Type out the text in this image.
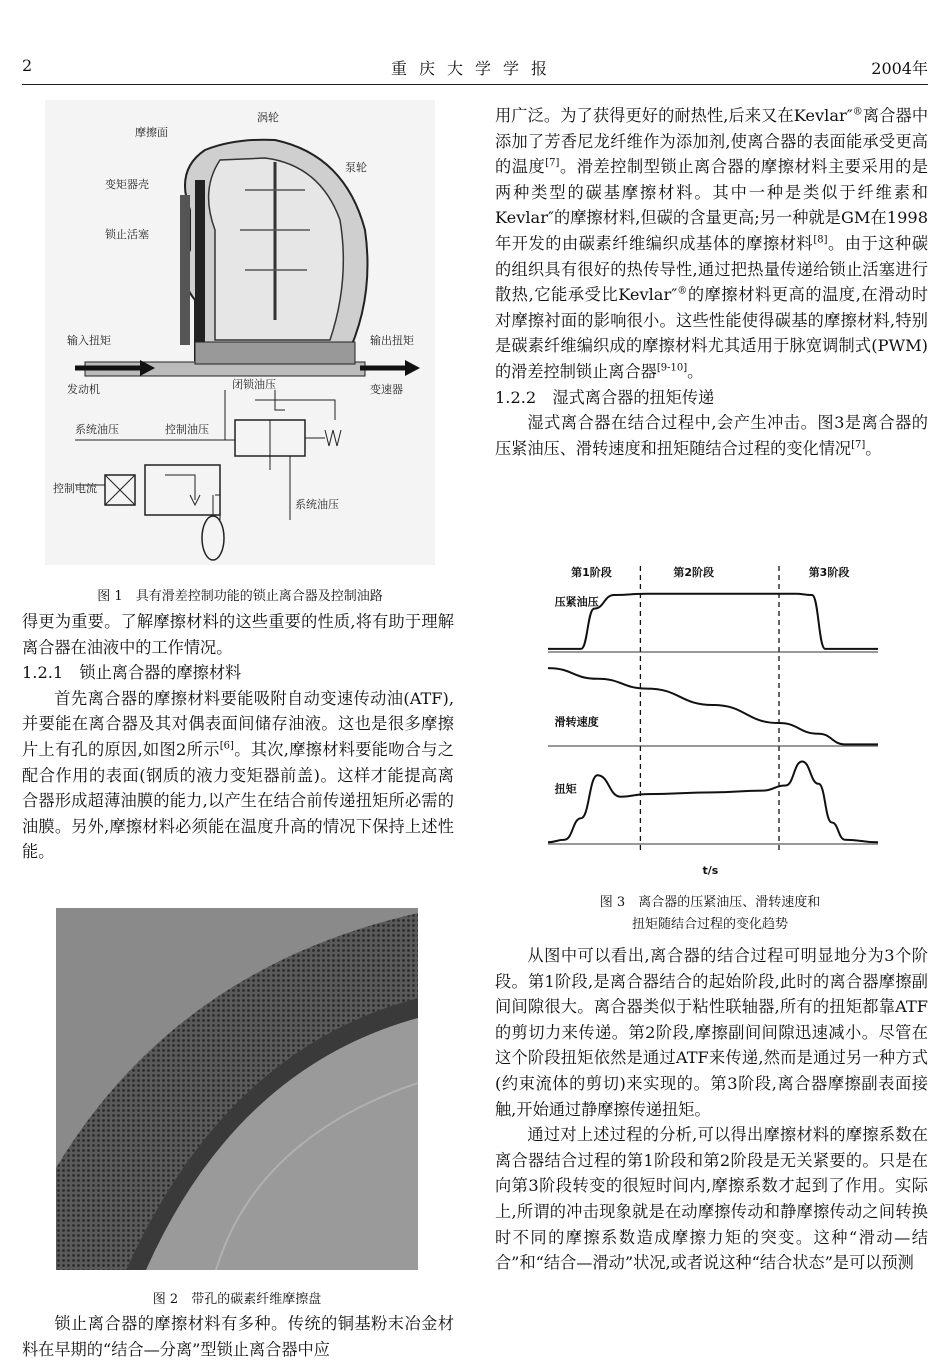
2	重庆大学学报	2004年
摩擦面
涡轮
变矩器壳
泵轮
锁止活塞
输入扭矩	输出扭矩
发动机	闭锁油压	变速器
系统油压	控制油压
控制电流
系统油压
图 1　具有滑差控制功能的锁止离合器及控制油路

得更为重要。了解摩擦材料的这些重要的性质,将有助于理解离合器在油液中的工作情况。

1.2.1　锁止离合器的摩擦材料

首先离合器的摩擦材料要能吸附自动变速传动油(ATF),并要能在离合器及其对偶表面间储存油液。这也是很多摩擦片上有孔的原因,如图2所示[6]。其次,摩擦材料要能吻合与之配合作用的表面(钢质的液力变矩器前盖)。这样才能提高离合器形成超薄油膜的能力,以产生在结合前传递扭矩所必需的油膜。另外,摩擦材料必须能在温度升高的情况下保持上述性能。

图 2　带孔的碳素纤维摩擦盘

锁止离合器的摩擦材料有多种。传统的铜基粉末冶金材料在早期的“结合—分离”型锁止离合器中应

用广泛。为了获得更好的耐热性,后来又在Kevlar″®离合器中添加了芳香尼龙纤维作为添加剂,使离合器的表面能承受更高的温度[7]。滑差控制型锁止离合器的摩擦材料主要采用的是两种类型的碳基摩擦材料。其中一种是类似于纤维素和Kevlar″的摩擦材料,但碳的含量更高;另一种就是GM在1998年开发的由碳素纤维编织成基体的摩擦材料[8]。由于这种碳的组织具有很好的热传导性,通过把热量传递给锁止活塞进行散热,它能承受比Kevlar″®的摩擦材料更高的温度,在滑动时对摩擦衬面的影响很小。这些性能使得碳基的摩擦材料,特别是碳素纤维编织成的摩擦材料尤其适用于脉宽调制式(PWM)的滑差控制锁止离合器[9-10]。

1.2.2　湿式离合器的扭矩传递

湿式离合器在结合过程中,会产生冲击。图3是离合器的压紧油压、滑转速度和扭矩随结合过程的变化情况[7]。

第1阶段	第2阶段	第3阶段
压紧油压
滑转速度
扭矩
t/s
图 3　离合器的压紧油压、滑转速度和
扭矩随结合过程的变化趋势

从图中可以看出,离合器的结合过程可明显地分为3个阶段。第1阶段,是离合器结合的起始阶段,此时的离合器摩擦副间间隙很大。离合器类似于粘性联轴器,所有的扭矩都靠ATF的剪切力来传递。第2阶段,摩擦副间间隙迅速减小。尽管在这个阶段扭矩依然是通过ATF来传递,然而是通过另一种方式(约束流体的剪切)来实现的。第3阶段,离合器摩擦副表面接触,开始通过静摩擦传递扭矩。

通过对上述过程的分析,可以得出摩擦材料的摩擦系数在离合器结合过程的第1阶段和第2阶段是无关紧要的。只是在向第3阶段转变的很短时间内,摩擦系数才起到了作用。实际上,所谓的冲击现象就是在动摩擦传动和静摩擦传动之间转换时不同的摩擦系数造成摩擦力矩的突变。这种“滑动—结合”和“结合—滑动”状况,或者说这种“结合状态”是可以预测
